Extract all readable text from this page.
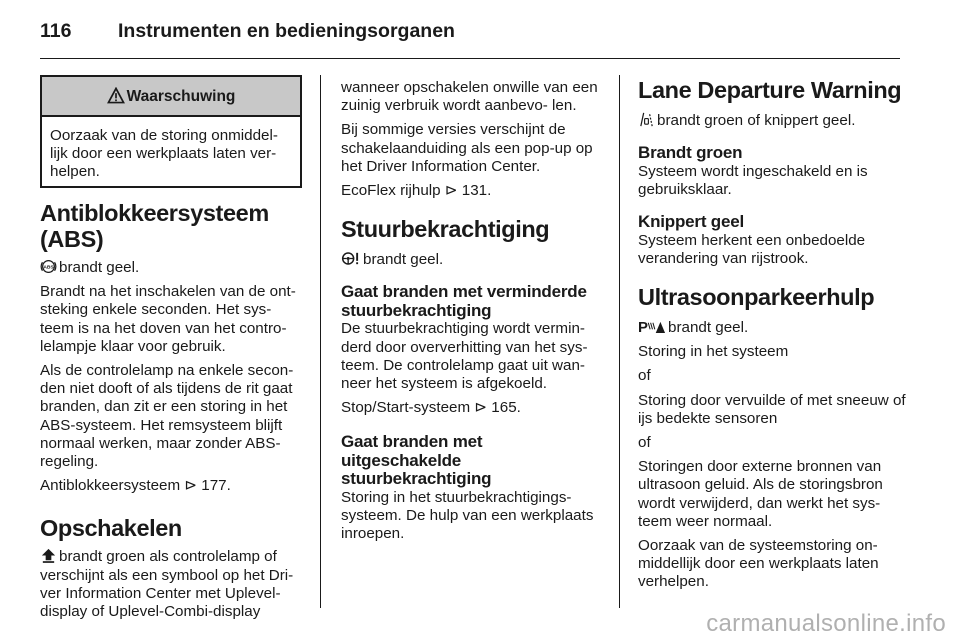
116 Instrumenten en bedieningsorganen
Waarschuwing

Oorzaak van de storing onmiddel- lijk door een werkplaats laten ver- helpen.

Antiblokkeersysteem (ABS)

ABS brandt geel.

Brandt na het inschakelen van de ont- steking enkele seconden. Het sys- teem is na het doven van het contro- lelampje klaar voor gebruik.

Als de controlelamp na enkele secon- den niet dooft of als tijdens de rit gaat branden, dan zit er een storing in het ABS-systeem. Het remsysteem blijft normaal werken, maar zonder ABS- regeling.

Antiblokkeersysteem ⊳ 177.

Opschakelen

brandt groen als controlelamp of verschijnt als een symbool op het Dri- ver Information Center met Uplevel- display of Uplevel-Combi-display

wanneer opschakelen onwille van een zuinig verbruik wordt aanbevo- len.

Bij sommige versies verschijnt de schakelaanduiding als een pop-up op het Driver Information Center.

EcoFlex rijhulp ⊳ 131.

Stuurbekrachtiging

brandt geel.

Gaat branden met verminderde stuurbekrachtiging

De stuurbekrachtiging wordt vermin- derd door oververhitting van het sys- teem. De controlelamp gaat uit wan- neer het systeem is afgekoeld.

Stop/Start-systeem ⊳ 165.

Gaat branden met uitgeschakelde stuurbekrachtiging

Storing in het stuurbekrachtigings- systeem. De hulp van een werkplaats inroepen.

Lane Departure Warning

brandt groen of knippert geel.

Brandt groen

Systeem wordt ingeschakeld en is gebruiksklaar.

Knippert geel

Systeem herkent een onbedoelde verandering van rijstrook.

Ultrasoonparkeerhulp

P brandt geel.

Storing in het systeem

of

Storing door vervuilde of met sneeuw of ijs bedekte sensoren

of

Storingen door externe bronnen van ultrasoon geluid. Als de storingsbron wordt verwijderd, dan werkt het sys- teem weer normaal.

Oorzaak van de systeemstoring on- middellijk door een werkplaats laten verhelpen.

carmanualsonline.info
